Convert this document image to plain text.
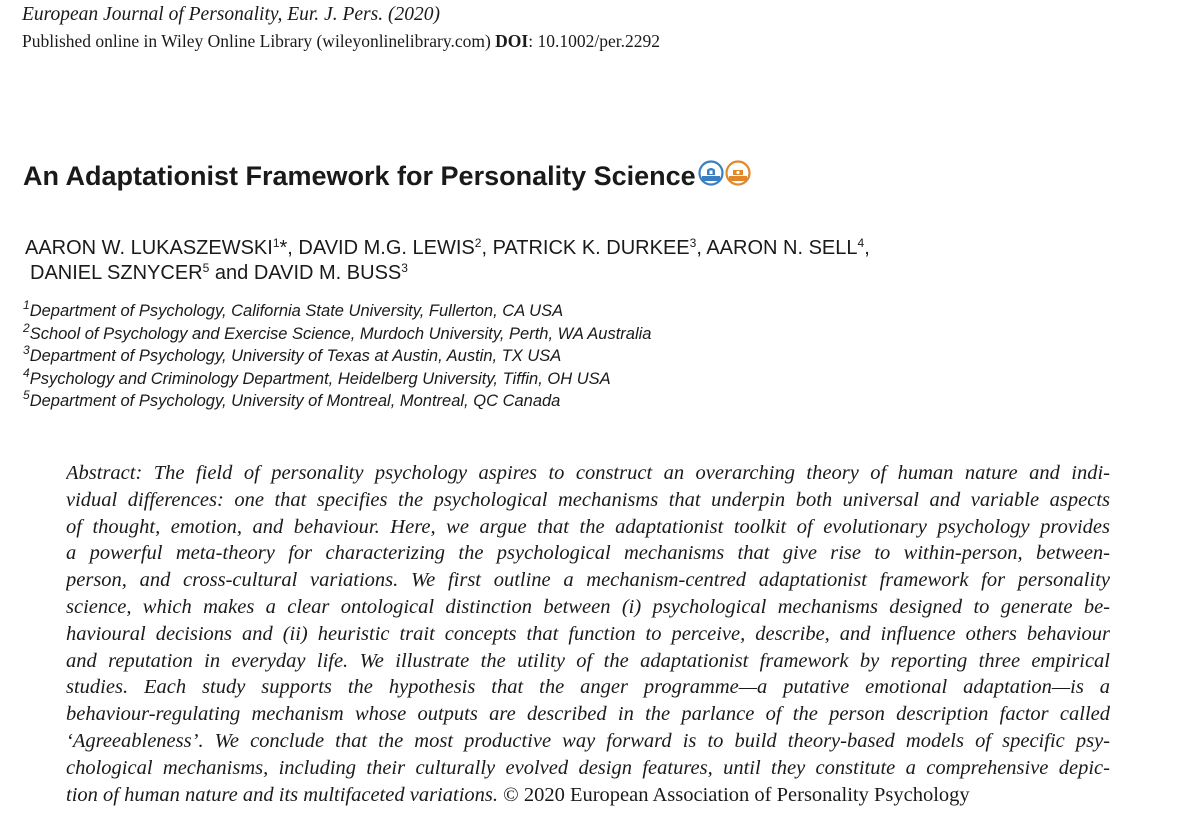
European Journal of Personality, Eur. J. Pers. (2020)
Published online in Wiley Online Library (wileyonlinelibrary.com) DOI: 10.1002/per.2292
An Adaptationist Framework for Personality Science
AARON W. LUKASZEWSKI$^1$*, DAVID M.G. LEWIS$^2$, PATRICK K. DURKEE$^3$, AARON N. SELL$^4$,
DANIEL SZNYCER$^5$ and DAVID M. BUSS$^3$
$^1$Department of Psychology, California State University, Fullerton, CA USA
$^2$School of Psychology and Exercise Science, Murdoch University, Perth, WA Australia
$^3$Department of Psychology, University of Texas at Austin, Austin, TX USA
$^4$Psychology and Criminology Department, Heidelberg University, Tiffin, OH USA
$^5$Department of Psychology, University of Montreal, Montreal, QC Canada
Abstract: The field of personality psychology aspires to construct an overarching theory of human nature and indi-
vidual differences: one that specifies the psychological mechanisms that underpin both universal and variable aspects
of thought, emotion, and behaviour. Here, we argue that the adaptationist toolkit of evolutionary psychology provides
a powerful meta-theory for characterizing the psychological mechanisms that give rise to within-person, between-
person, and cross-cultural variations. We first outline a mechanism-centred adaptationist framework for personality
science, which makes a clear ontological distinction between (i) psychological mechanisms designed to generate be-
havioural decisions and (ii) heuristic trait concepts that function to perceive, describe, and influence others behaviour
and reputation in everyday life. We illustrate the utility of the adaptationist framework by reporting three empirical
studies. Each study supports the hypothesis that the anger programme—a putative emotional adaptation—is a
behaviour-regulating mechanism whose outputs are described in the parlance of the person description factor called
‘Agreeableness’. We conclude that the most productive way forward is to build theory-based models of specific psy-
chological mechanisms, including their culturally evolved design features, until they constitute a comprehensive depic-
tion of human nature and its multifaceted variations. © 2020 European Association of Personality Psychology
